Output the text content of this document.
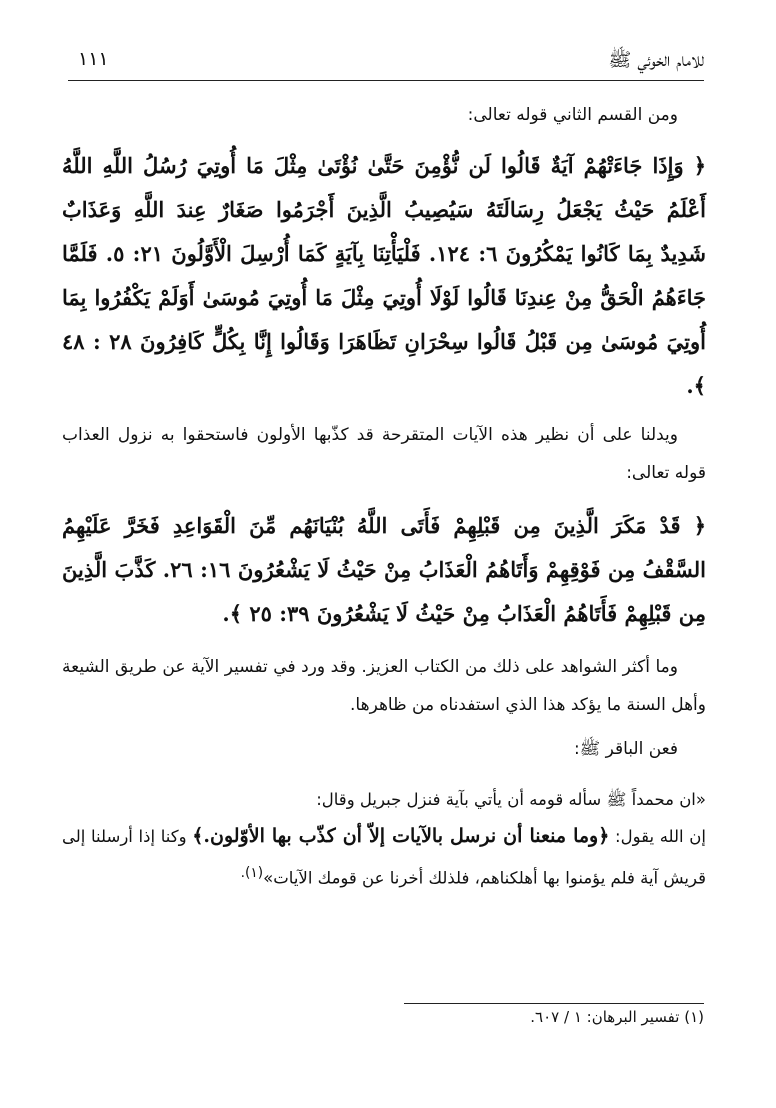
للامام الخوئي ﷺ
١١١

ومن القسم الثاني قوله تعالى:

﴿ وَإِذَا جَاءَتْهُمْ آيَةٌ قَالُوا لَن نُّؤْمِنَ حَتَّىٰ نُؤْتَىٰ مِثْلَ مَا أُوتِيَ رُسُلُ اللَّهِ اللَّهُ أَعْلَمُ حَيْثُ يَجْعَلُ رِسَالَتَهُ سَيُصِيبُ الَّذِينَ أَجْرَمُوا صَغَارٌ عِندَ اللَّهِ وَعَذَابٌ شَدِيدٌ بِمَا كَانُوا يَمْكُرُونَ ٦: ١٢٤. فَلْيَأْتِنَا بِآيَةٍ كَمَا أُرْسِلَ الْأَوَّلُونَ ٢١: ٥. فَلَمَّا جَاءَهُمُ الْحَقُّ مِنْ عِندِنَا قَالُوا لَوْلَا أُوتِيَ مِثْلَ مَا أُوتِيَ مُوسَىٰ أَوَلَمْ يَكْفُرُوا بِمَا أُوتِيَ مُوسَىٰ مِن قَبْلُ قَالُوا سِحْرَانِ تَظَاهَرَا وَقَالُوا إِنَّا بِكُلٍّ كَافِرُونَ ٢٨ : ٤٨ ﴾.

ويدلنا على أن نظير هذه الآيات المتقرحة قد كذّبها الأولون فاستحقوا به نزول العذاب قوله تعالى:

﴿ قَدْ مَكَرَ الَّذِينَ مِن قَبْلِهِمْ فَأَتَى اللَّهُ بُنْيَانَهُم مِّنَ الْقَوَاعِدِ فَخَرَّ عَلَيْهِمُ السَّقْفُ مِن فَوْقِهِمْ وَأَتَاهُمُ الْعَذَابُ مِنْ حَيْثُ لَا يَشْعُرُونَ ١٦: ٢٦. كَذَّبَ الَّذِينَ مِن قَبْلِهِمْ فَأَتَاهُمُ الْعَذَابُ مِنْ حَيْثُ لَا يَشْعُرُونَ ٣٩: ٢٥ ﴾.

وما أكثر الشواهد على ذلك من الكتاب العزيز. وقد ورد في تفسير الآية عن طريق الشيعة وأهل السنة ما يؤكد هذا الذي استفدناه من ظاهرها.

فعن الباقر ﷺ:

«ان محمداً ﷺ سأله قومه أن يأتي بآية فنزل جبريل وقال:
إن الله يقول: ﴿وما منعنا أن نرسل بالآيات إلاّ أن كذّب بها الأوّلون.﴾ وكنا إذا أرسلنا إلى قريش آية فلم يؤمنوا بها أهلكناهم، فلذلك أخرنا عن قومك الآيات»$^{(١).}$

(١) تفسير البرهان: ١ / ٦٠٧.
